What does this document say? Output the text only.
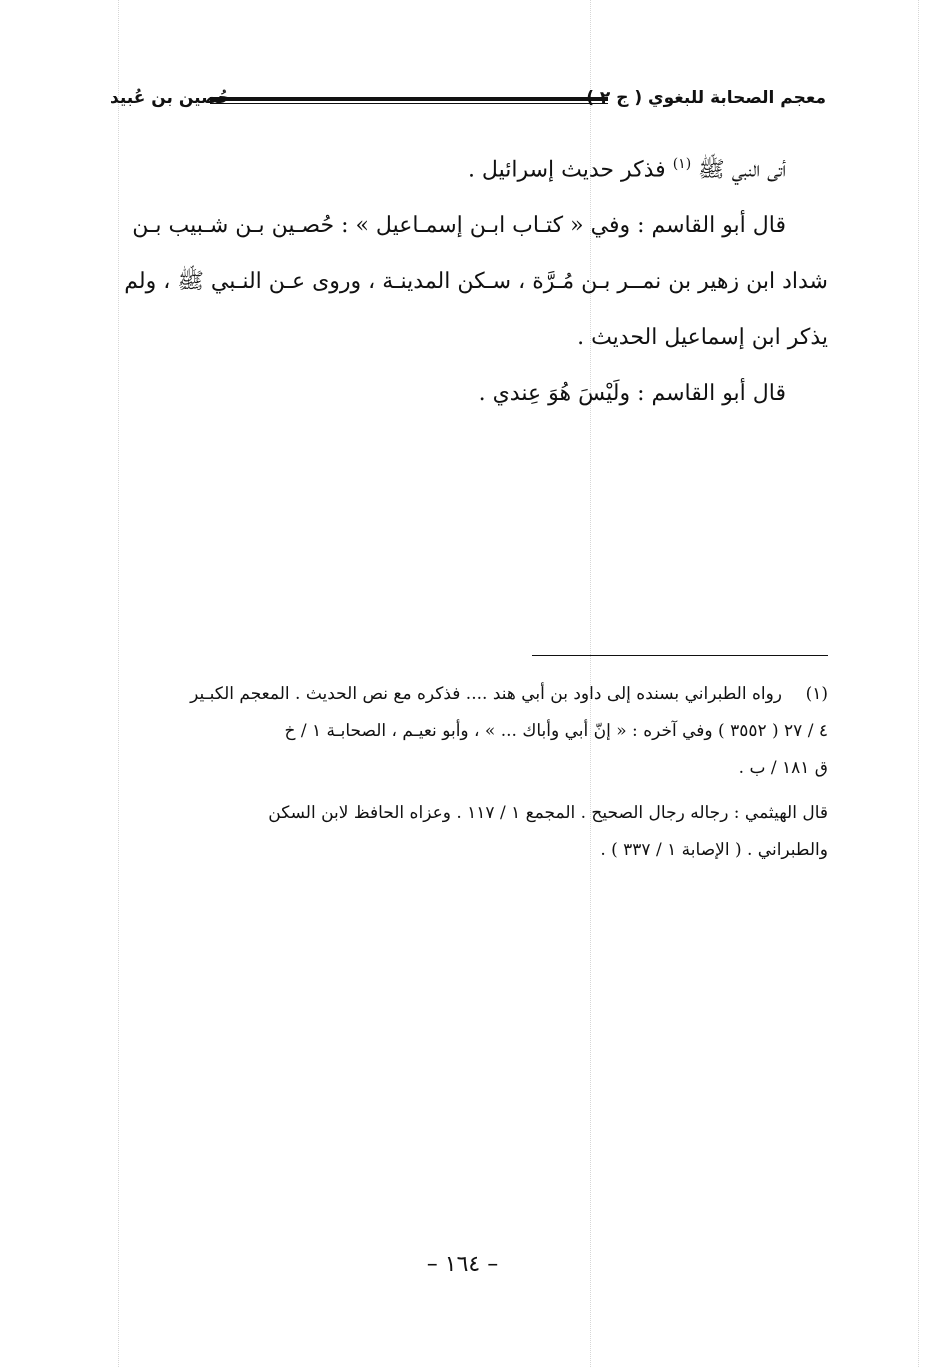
معجم الصحابة للبغوي ( ج ٢ )
حُصين بن عُبيد

أتى النبي ﷺ $^{(١)}$ فذكر حديث إسرائيل .

قال أبو القاسم : وفي « كتـاب ابـن إسمـاعيل » : حُصـين بـن شـبيب بـن

شداد ابن زهير بن نمــر بـن مُـرَّة ، سـكن المدينـة ، وروى عـن النـبي ﷺ ، ولم

يذكر ابن إسماعيل الحديث .

قال أبو القاسم : ولَيْسَ هُوَ عِندي .

(١)رواه الطبراني بسنده إلى داود بن أبي هند .... فذكره مع نص الحديث . المعجم الكبـير

٤ / ٢٧ ( ٣٥٥٢ ) وفي آخره : « إنّ أبي وأباك ... » ، وأبو نعيـم ، الصحابـة ١ / خ

ق ١٨١ / ب .

قال الهيثمي : رجاله رجال الصحيح . المجمع ١ / ١١٧ . وعزاه الحافظ لابن السكن

والطبراني . ( الإصابة ١ / ٣٣٧ ) .

– ١٦٤ –
